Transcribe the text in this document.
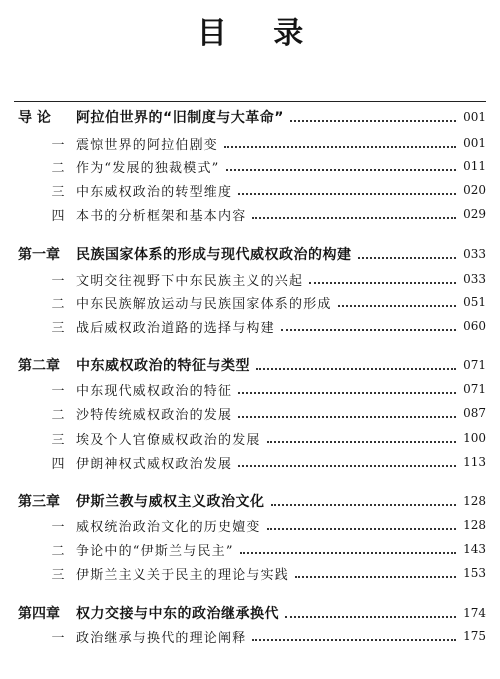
目 录
导 论	阿拉伯世界的“旧制度与大革命”	001
一 震惊世界的阿拉伯剧变	001
二 作为“发展的独裁模式”	011
三 中东威权政治的转型维度	020
四 本书的分析框架和基本内容	029
第一章	民族国家体系的形成与现代威权政治的构建	033
一 文明交往视野下中东民族主义的兴起	033
二 中东民族解放运动与民族国家体系的形成	051
三 战后威权政治道路的选择与构建	060
第二章	中东威权政治的特征与类型	071
一 中东现代威权政治的特征	071
二 沙特传统威权政治的发展	087
三 埃及个人官僚威权政治的发展	100
四 伊朗神权式威权政治发展	113
第三章	伊斯兰教与威权主义政治文化	128
一 威权统治政治文化的历史嬗变	128
二 争论中的“伊斯兰与民主”	143
三 伊斯兰主义关于民主的理论与实践	153
第四章	权力交接与中东的政治继承换代	174
一 政治继承与换代的理论阐释	175
